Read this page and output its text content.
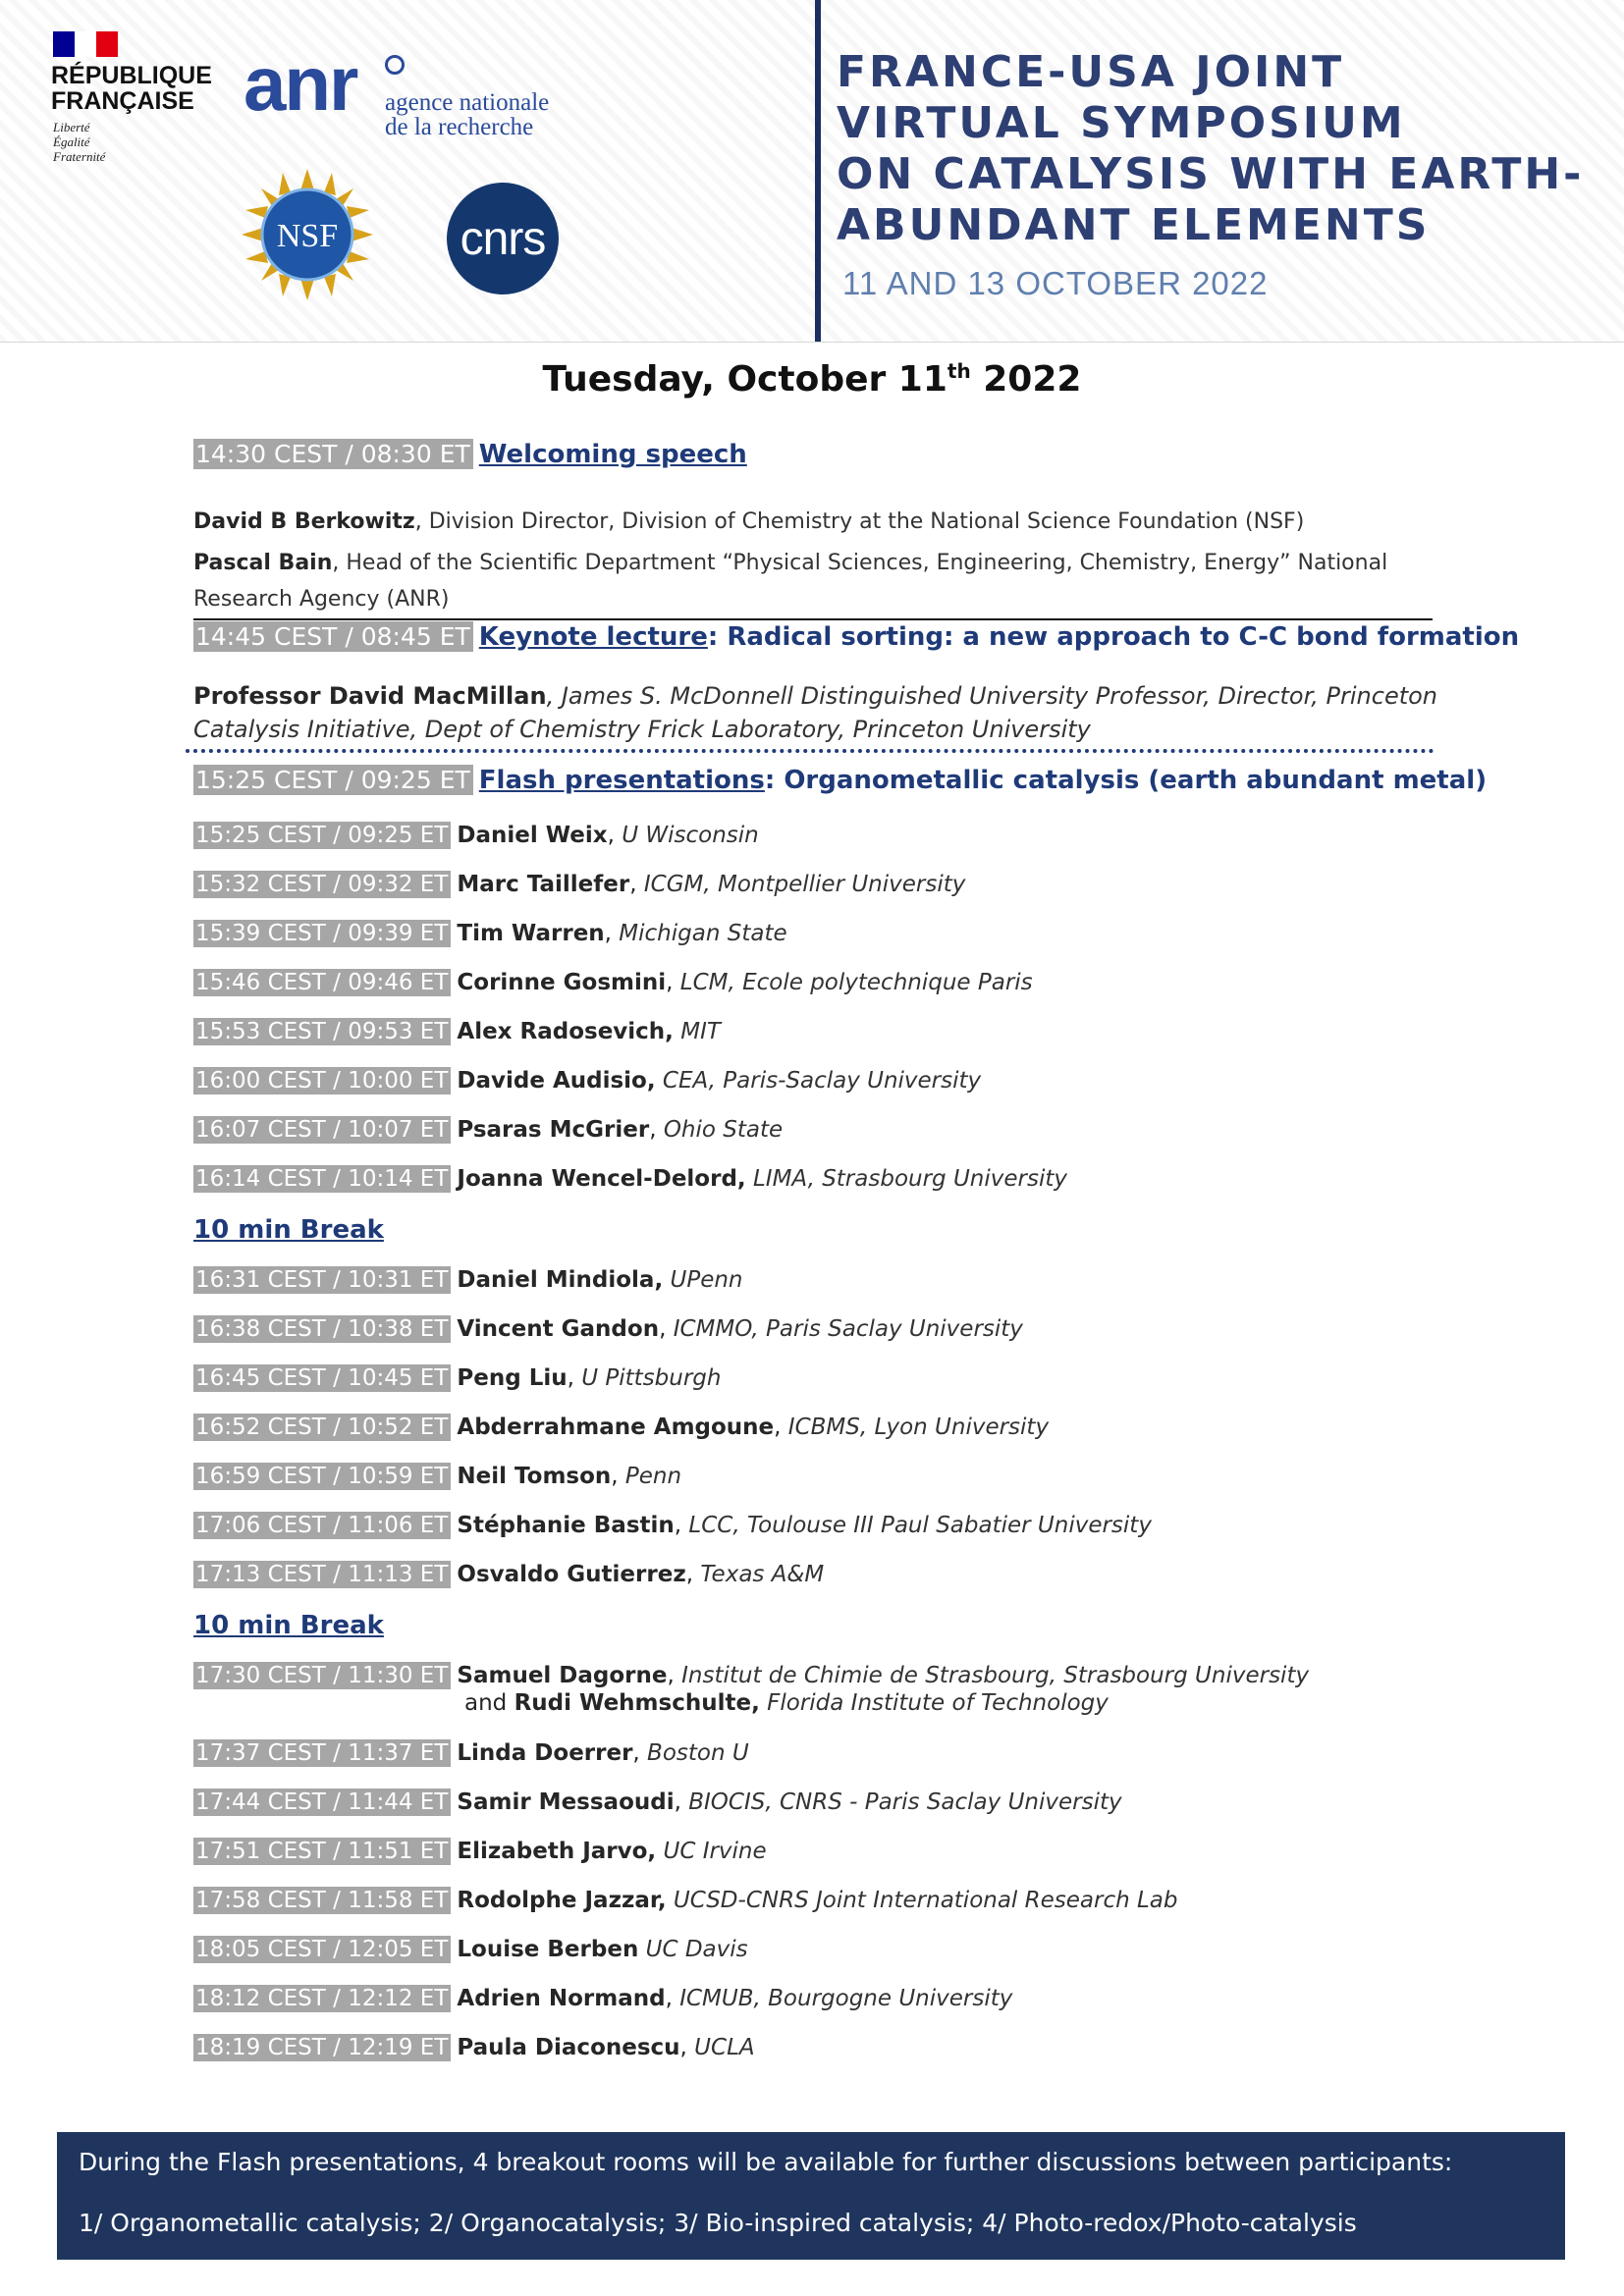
RÉPUBLIQUE
FRANÇAISE
Liberté
Égalité
Fraternité
anr agence nationale
de la recherche
NSF	cnrs
FRANCE-USA JOINT
VIRTUAL SYMPOSIUM
ON CATALYSIS WITH EARTH-
ABUNDANT ELEMENTS
11 AND 13 OCTOBER 2022
Tuesday, October 11th 2022
14:30 CEST / 08:30 ET Welcoming speech
David B Berkowitz, Division Director, Division of Chemistry at the National Science Foundation (NSF)
Pascal Bain, Head of the Scientific Department “Physical Sciences, Engineering, Chemistry, Energy” National
Research Agency (ANR)
14:45 CEST / 08:45 ET Keynote lecture: Radical sorting: a new approach to C-C bond formation
Professor David MacMillan, James S. McDonnell Distinguished University Professor, Director, Princeton
Catalysis Initiative, Dept of Chemistry Frick Laboratory, Princeton University
15:25 CEST / 09:25 ET Flash presentations: Organometallic catalysis (earth abundant metal)
15:25 CEST / 09:25 ET Daniel Weix, U Wisconsin
15:32 CEST / 09:32 ET Marc Taillefer, ICGM, Montpellier University
15:39 CEST / 09:39 ET Tim Warren, Michigan State
15:46 CEST / 09:46 ET Corinne Gosmini, LCM, Ecole polytechnique Paris
15:53 CEST / 09:53 ET Alex Radosevich, MIT
16:00 CEST / 10:00 ET Davide Audisio, CEA, Paris-Saclay University
16:07 CEST / 10:07 ET Psaras McGrier, Ohio State
16:14 CEST / 10:14 ET Joanna Wencel-Delord, LIMA, Strasbourg University
10 min Break
16:31 CEST / 10:31 ET Daniel Mindiola, UPenn
16:38 CEST / 10:38 ET Vincent Gandon, ICMMO, Paris Saclay University
16:45 CEST / 10:45 ET Peng Liu, U Pittsburgh
16:52 CEST / 10:52 ET Abderrahmane Amgoune, ICBMS, Lyon University
16:59 CEST / 10:59 ET Neil Tomson, Penn
17:06 CEST / 11:06 ET Stéphanie Bastin, LCC, Toulouse III Paul Sabatier University
17:13 CEST / 11:13 ET Osvaldo Gutierrez, Texas A&M
10 min Break
17:30 CEST / 11:30 ET Samuel Dagorne, Institut de Chimie de Strasbourg, Strasbourg University
and Rudi Wehmschulte, Florida Institute of Technology
17:37 CEST / 11:37 ET Linda Doerrer, Boston U
17:44 CEST / 11:44 ET Samir Messaoudi, BIOCIS, CNRS - Paris Saclay University
17:51 CEST / 11:51 ET Elizabeth Jarvo, UC Irvine
17:58 CEST / 11:58 ET Rodolphe Jazzar, UCSD-CNRS Joint International Research Lab
18:05 CEST / 12:05 ET Louise Berben UC Davis
18:12 CEST / 12:12 ET Adrien Normand, ICMUB, Bourgogne University
18:19 CEST / 12:19 ET Paula Diaconescu, UCLA
During the Flash presentations, 4 breakout rooms will be available for further discussions between participants:
1/ Organometallic catalysis; 2/ Organocatalysis; 3/ Bio-inspired catalysis; 4/ Photo-redox/Photo-catalysis
